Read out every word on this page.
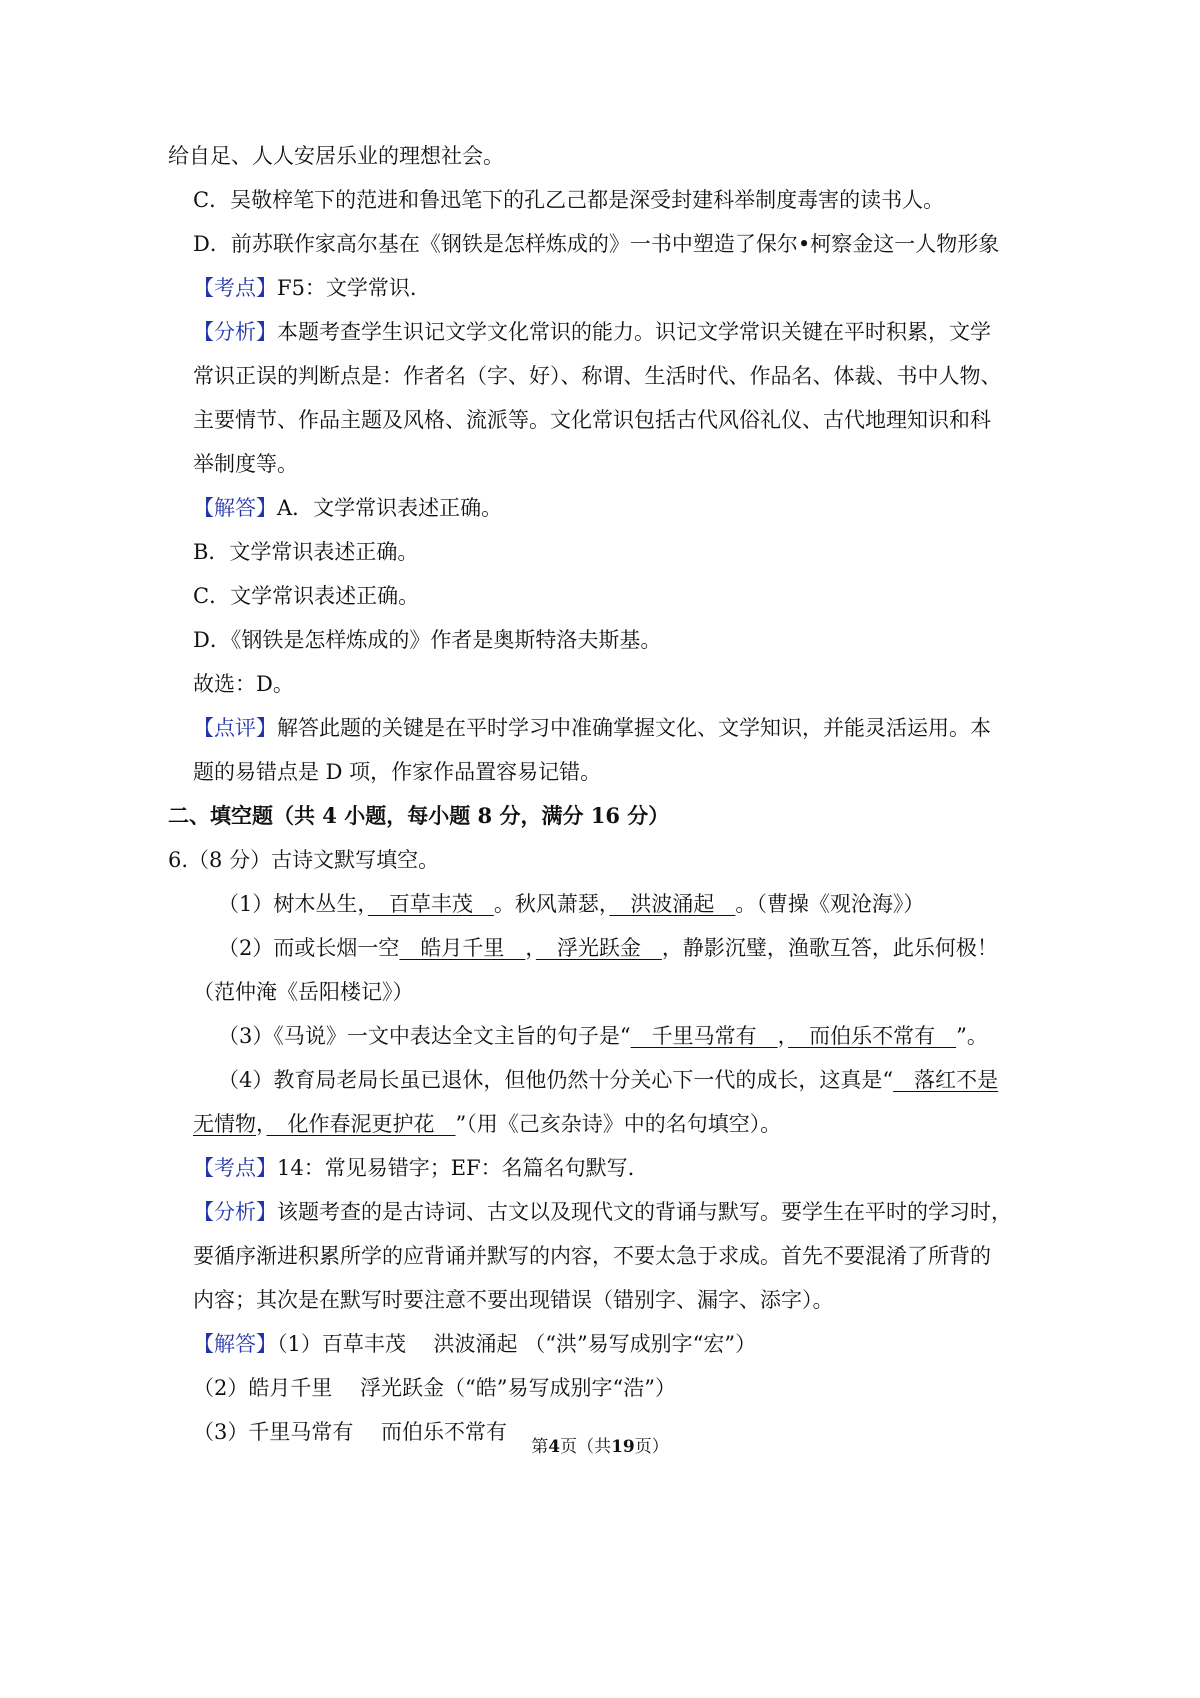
给自足、人人安居乐业的理想社会。
C．吴敬梓笔下的范进和鲁迅笔下的孔乙己都是深受封建科举制度毒害的读书人。
D．前苏联作家高尔基在《钢铁是怎样炼成的》一书中塑造了保尔•柯察金这一人物形象
【考点】F5：文学常识.
【分析】本题考查学生识记文学文化常识的能力。识记文学常识关键在平时积累，文学
常识正误的判断点是：作者名（字、好）、称谓、生活时代、作品名、体裁、书中人物、
主要情节、作品主题及风格、流派等。文化常识包括古代风俗礼仪、古代地理知识和科
举制度等。
【解答】A．文学常识表述正确。
B．文学常识表述正确。
C．文学常识表述正确。
D．《钢铁是怎样炼成的》作者是奥斯特洛夫斯基。
故选：D。
【点评】解答此题的关键是在平时学习中准确掌握文化、文学知识，并能灵活运用。本
题的易错点是 D 项，作家作品置容易记错。
二、填空题（共 4 小题，每小题 8 分，满分 16 分）
6.（8 分）古诗文默写填空。
（1）树木丛生，　百草丰茂　。秋风萧瑟，　洪波涌起　。（曹操《观沧海》）
（2）而或长烟一空　皓月千里　，　浮光跃金　，静影沉璧，渔歌互答，此乐何极！
（范仲淹《岳阳楼记》）
（3）《马说》一文中表达全文主旨的句子是“　千里马常有　，　而伯乐不常有　”。
（4）教育局老局长虽已退休，但他仍然十分关心下一代的成长，这真是“　落红不是
无情物，　化作春泥更护花　”（用《己亥杂诗》中的名句填空）。
【考点】14：常见易错字；EF：名篇名句默写.
【分析】该题考查的是古诗词、古文以及现代文的背诵与默写。要学生在平时的学习时，
要循序渐进积累所学的应背诵并默写的内容，不要太急于求成。首先不要混淆了所背的
内容；其次是在默写时要注意不要出现错误（错别字、漏字、添字）。
【解答】（1）百草丰茂　 洪波涌起 （“洪”易写成别字“宏”）
（2）皓月千里　 浮光跃金（“皓”易写成别字“浩”）
（3）千里马常有　 而伯乐不常有
第4页（共19页）
